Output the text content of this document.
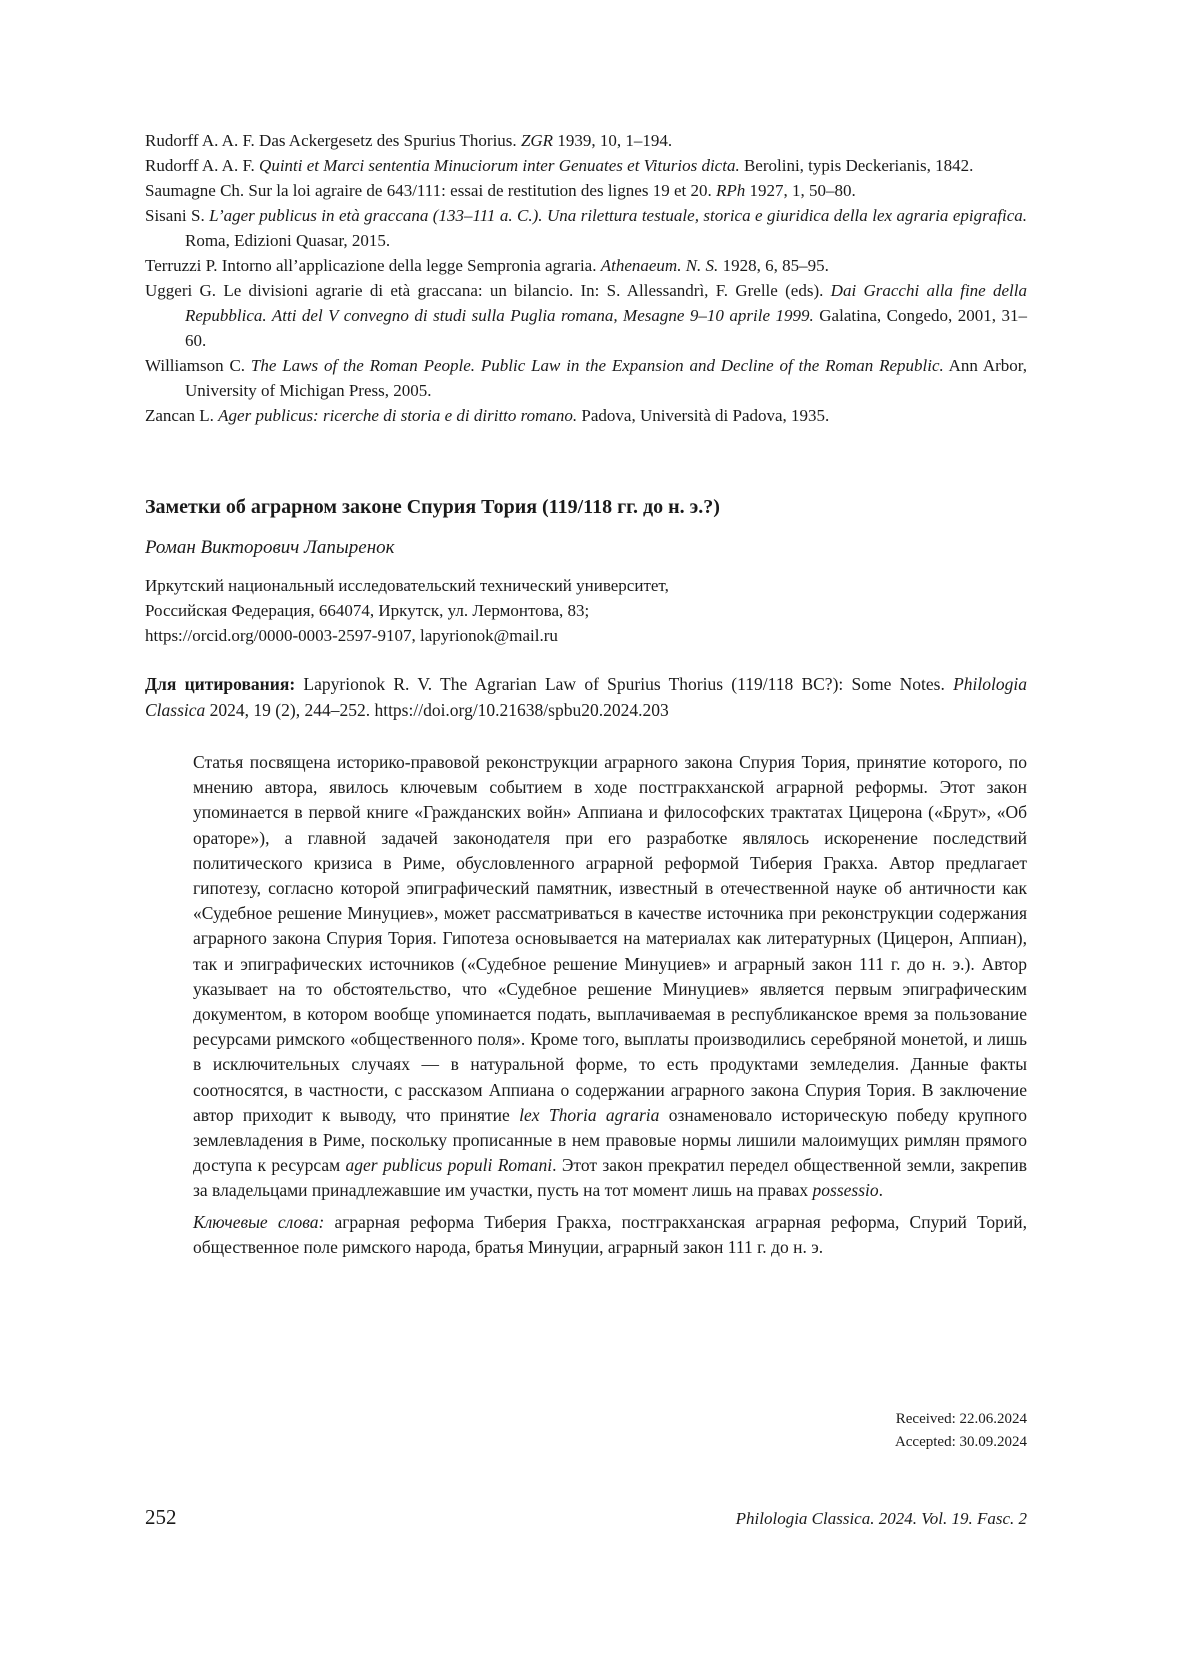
Rudorff A. A. F. Das Ackergesetz des Spurius Thorius. ZGR 1939, 10, 1–194.
Rudorff A. A. F. Quinti et Marci sententia Minuciorum inter Genuates et Viturios dicta. Berolini, typis Deckerianis, 1842.
Saumagne Ch. Sur la loi agraire de 643/111: essai de restitution des lignes 19 et 20. RPh 1927, 1, 50–80.
Sisani S. L’ager publicus in età graccana (133–111 a. C.). Una rilettura testuale, storica e giuridica della lex agraria epigrafica. Roma, Edizioni Quasar, 2015.
Terruzzi P. Intorno all’applicazione della legge Sempronia agraria. Athenaeum. N. S. 1928, 6, 85–95.
Uggeri G. Le divisioni agrarie di età graccana: un bilancio. In: S. Allessandrì, F. Grelle (eds). Dai Gracchi alla fine della Repubblica. Atti del V convegno di studi sulla Puglia romana, Mesagne 9–10 aprile 1999. Galatina, Congedo, 2001, 31–60.
Williamson C. The Laws of the Roman People. Public Law in the Expansion and Decline of the Roman Republic. Ann Arbor, University of Michigan Press, 2005.
Zancan L. Ager publicus: ricerche di storia e di diritto romano. Padova, Università di Padova, 1935.
Заметки об аграрном законе Спурия Тория (119/118 гг. до н. э.?)
Роман Викторович Лапыренок
Иркутский национальный исследовательский технический университет,
Российская Федерация, 664074, Иркутск, ул. Лермонтова, 83;
https://orcid.org/0000-0003-2597-9107, lapyrionok@mail.ru
Для цитирования: Lapyrionok R. V. The Agrarian Law of Spurius Thorius (119/118 BC?): Some Notes. Philologia Classica 2024, 19 (2), 244–252. https://doi.org/10.21638/spbu20.2024.203

Статья посвящена историко-правовой реконструкции аграрного закона Спурия Тория, принятие которого, по мнению автора, явилось ключевым событием в ходе постгракханской аграрной реформы. Этот закон упоминается в первой книге «Гражданских войн» Аппиана и философских трактатах Цицерона («Брут», «Об ораторе»), а главной задачей законодателя при его разработке являлось искоренение последствий политического кризиса в Риме, обусловленного аграрной реформой Тиберия Гракха. Автор предлагает гипотезу, согласно которой эпиграфический памятник, известный в отечественной науке об античности как «Судебное решение Минуциев», может рассматриваться в качестве источника при реконструкции содержания аграрного закона Спурия Тория. Гипотеза основывается на материалах как литературных (Цицерон, Аппиан), так и эпиграфических источников («Судебное решение Минуциев» и аграрный закон 111 г. до н. э.). Автор указывает на то обстоятельство, что «Судебное решение Минуциев» является первым эпиграфическим документом, в котором вообще упоминается подать, выплачиваемая в республиканское время за пользование ресурсами римского «общественного поля». Кроме того, выплаты производились серебряной монетой, и лишь в исключительных случаях — в натуральной форме, то есть продуктами земледелия. Данные факты соотносятся, в частности, с рассказом Аппиана о содержании аграрного закона Спурия Тория. В заключение автор приходит к выводу, что принятие lex Thoria agraria ознаменовало историческую победу крупного землевладения в Риме, поскольку прописанные в нем правовые нормы лишили малоимущих римлян прямого доступа к ресурсам ager publicus populi Romani. Этот закон прекратил передел общественной земли, закрепив за владельцами принадлежавшие им участки, пусть на тот момент лишь на правах possessio.

Ключевые слова: аграрная реформа Тиберия Гракха, постгракханская аграрная реформа, Спурий Торий, общественное поле римского народа, братья Минуции, аграрный закон 111 г. до н. э.

Received: 22.06.2024
Accepted: 30.09.2024
252	Philologia Classica. 2024. Vol. 19. Fasc. 2
